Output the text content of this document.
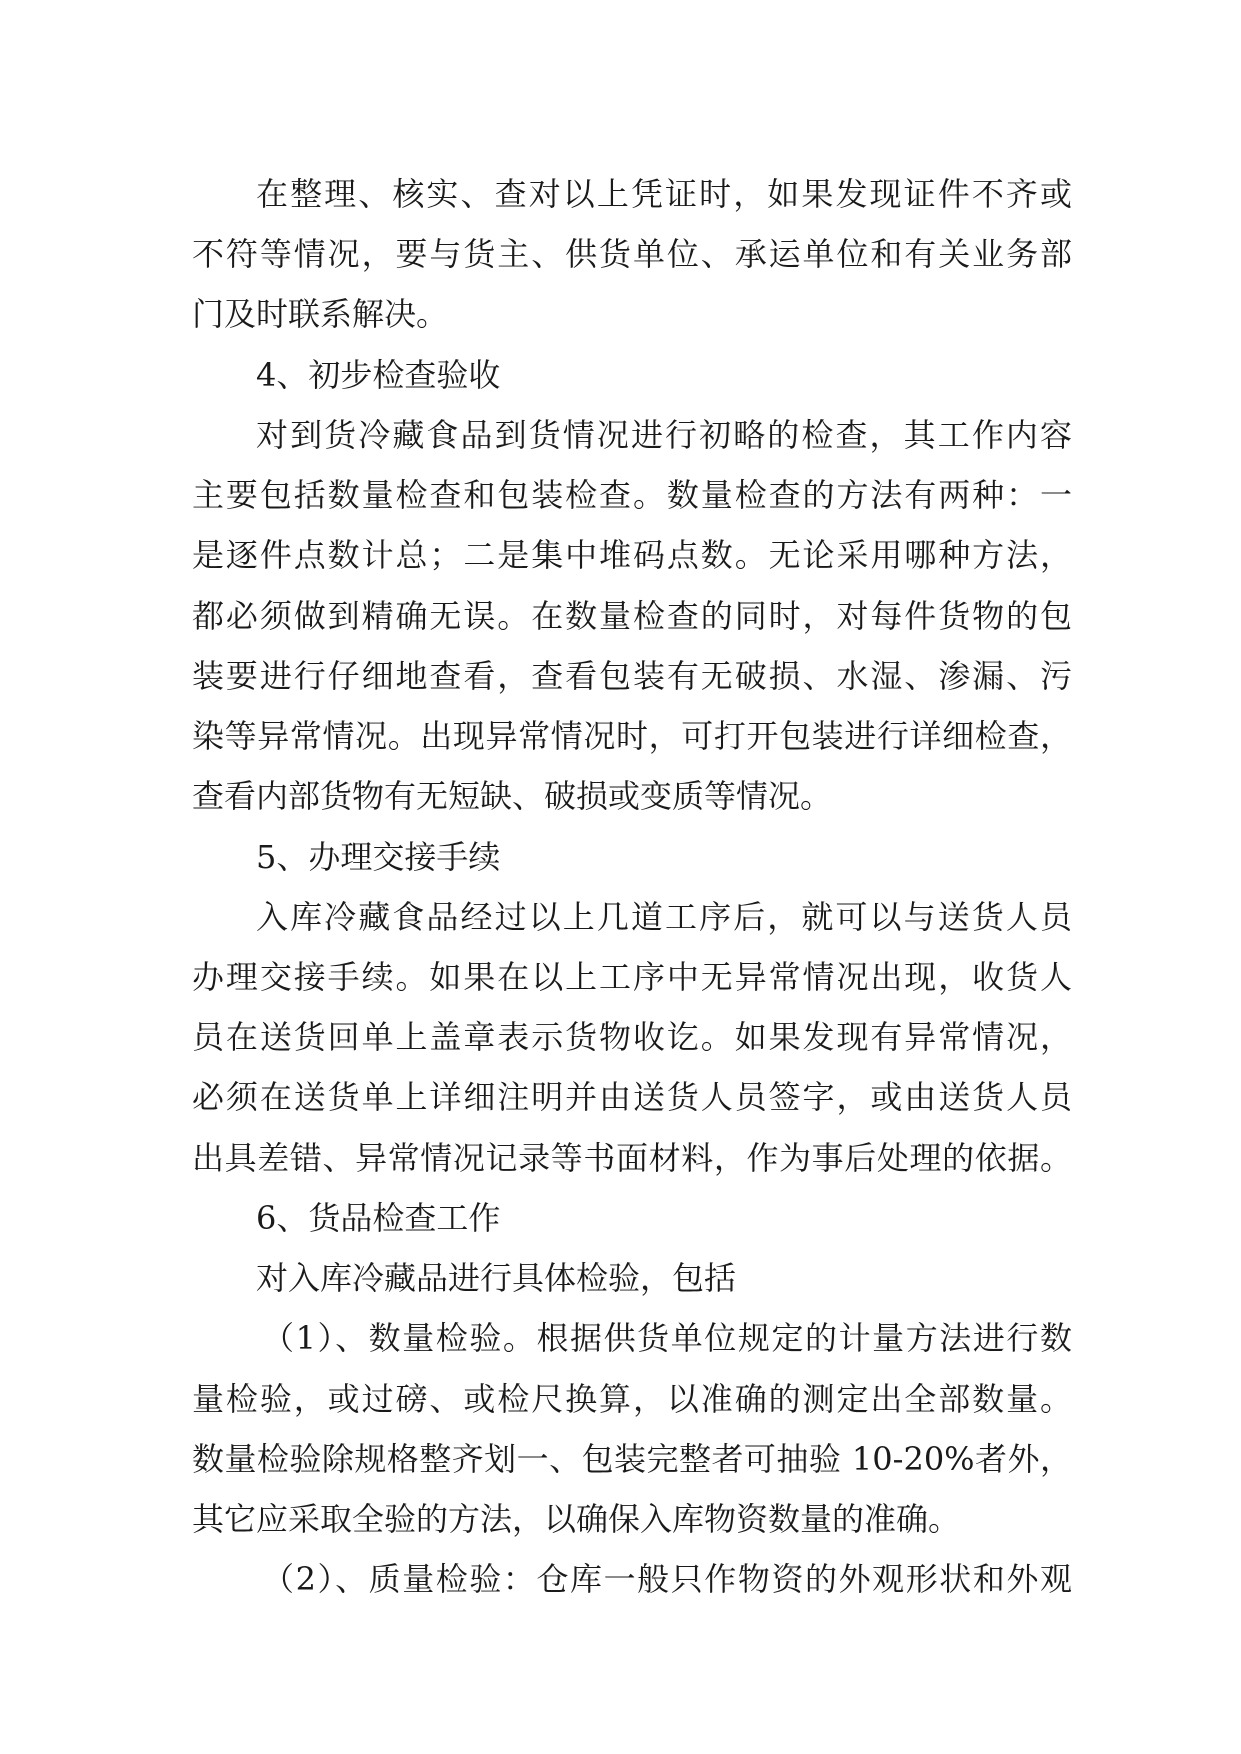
在整理、核实、查对以上凭证时，如果发现证件不齐或
不符等情况，要与货主、供货单位、承运单位和有关业务部
门及时联系解决。
4、初步检查验收
对到货冷藏食品到货情况进行初略的检查，其工作内容
主要包括数量检查和包装检查。数量检查的方法有两种：一
是逐件点数计总；二是集中堆码点数。无论采用哪种方法，
都必须做到精确无误。在数量检查的同时，对每件货物的包
装要进行仔细地查看，查看包装有无破损、水湿、渗漏、污
染等异常情况。出现异常情况时，可打开包装进行详细检查，
查看内部货物有无短缺、破损或变质等情况。
5、办理交接手续
入库冷藏食品经过以上几道工序后，就可以与送货人员
办理交接手续。如果在以上工序中无异常情况出现，收货人
员在送货回单上盖章表示货物收讫。如果发现有异常情况，
必须在送货单上详细注明并由送货人员签字，或由送货人员
出具差错、异常情况记录等书面材料，作为事后处理的依据。
6、货品检查工作
对入库冷藏品进行具体检验，包括
（1）、数量检验。根据供货单位规定的计量方法进行数
量检验，或过磅、或检尺换算，以准确的测定出全部数量。
数量检验除规格整齐划一、包装完整者可抽验 10-20%者外，
其它应采取全验的方法，以确保入库物资数量的准确。
（2）、质量检验：仓库一般只作物资的外观形状和外观
